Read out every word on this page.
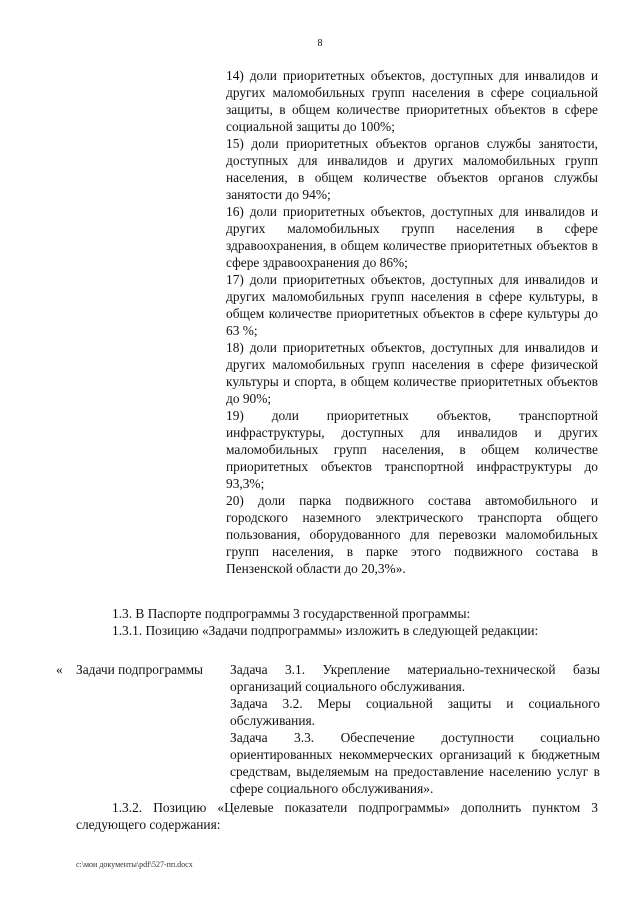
8

14) доли приоритетных объектов, доступных для инвалидов и других маломобильных групп населения в сфере социальной защиты, в общем количестве приоритетных объектов в сфере социальной защиты до 100%;

15) доли приоритетных объектов органов службы занятости, доступных для инвалидов и других маломобильных групп населения, в общем количестве объектов органов службы занятости до 94%;

16) доли приоритетных объектов, доступных для инвалидов и других маломобильных групп населения в сфере здравоохранения, в общем количестве приоритетных объектов в сфере здравоохранения до 86%;

17) доли приоритетных объектов, доступных для инвалидов и других маломобильных групп населения в сфере культуры, в общем количестве приоритетных объектов в сфере культуры до 63 %;

18) доли приоритетных объектов, доступных для инвалидов и других маломобильных групп населения в сфере физической культуры и спорта, в общем количестве приоритетных объектов до 90%;

19) доли приоритетных объектов, транспортной инфраструктуры, доступных для инвалидов и других маломобильных групп населения, в общем количестве приоритетных объектов транспортной инфраструктуры до 93,3%;

20) доли парка подвижного состава автомобильного и городского наземного электрического транспорта общего пользования, оборудованного для перевозки маломобильных групп населения, в парке этого подвижного состава в Пензенской области до 20,3%».

1.3. В Паспорте подпрограммы 3 государственной программы:

1.3.1. Позицию «Задачи подпрограммы» изложить в следующей редакции:

« Задачи подпрограммы	Задача 3.1. Укрепление материально-технической базы организаций социального обслуживания.

Задача 3.2. Меры социальной защиты и социального обслуживания.

Задача 3.3. Обеспечение доступности социально ориентированных некоммерческих организаций к бюджетным средствам, выделяемым на предоставление населению услуг в сфере социального обслуживания».

1.3.2. Позицию «Целевые показатели подпрограммы» дополнить пунктом 3 следующего содержания:

c:\мои документы\pdf\527-пп.docx
